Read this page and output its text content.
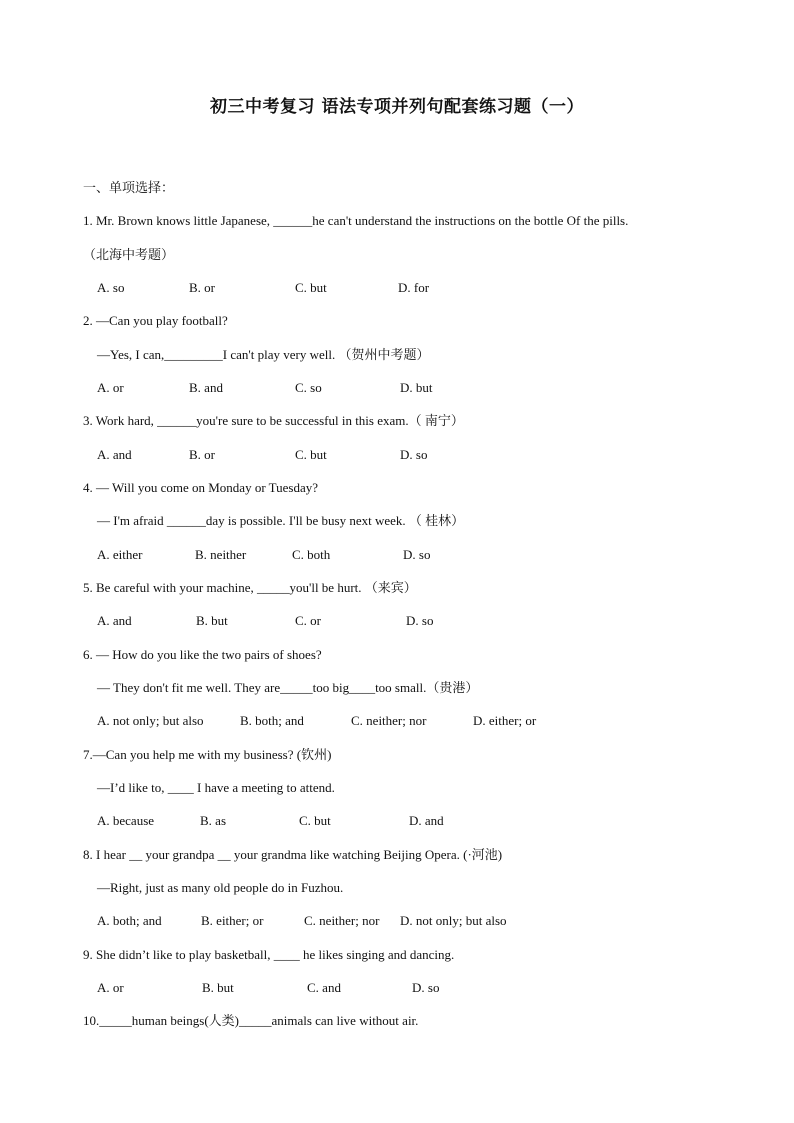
初三中考复习 语法专项并列句配套练习题（一）
一、单项选择：
1. Mr. Brown knows little Japanese, ______he can't understand the instructions on the bottle Of the pills.
（北海中考题）
A. so	B. or	C. but	D. for
2. —Can you play football?
—Yes, I can,_________I can't play very well. （贺州中考题）
A. or	B. and	C. so	D. but
3. Work hard, ______you're sure to be successful in this exam.（ 南宁）
A. and	B. or	C. but	D. so
4. — Will you come on Monday or Tuesday?
— I'm afraid ______day is possible. I'll be busy next week. （ 桂林）
A. either	B. neither	C. both	D. so
5. Be careful with your machine, _____you'll be hurt. （来宾）
A. and	B. but	C. or	D. so
6. — How do you like the two pairs of shoes?
— They don't fit me well. They are_____too big____too small.（贵港）
A. not only; but also	B. both; and	C. neither; nor	D. either; or
7.—Can you help me with my business? (钦州)
—I’d like to, ____ I have a meeting to attend.
A. because	B. as	C. but	D. and
8. I hear __ your grandpa __ your grandma like watching Beijing Opera. (·河池)
—Right, just as many old people do in Fuzhou.
A. both; and	B. either; or	C. neither; nor D. not only; but also
9. She didn’t like to play basketball, ____ he likes singing and dancing.
A. or	B. but	C. and	D. so
10._____human beings(人类)_____animals can live without air.
